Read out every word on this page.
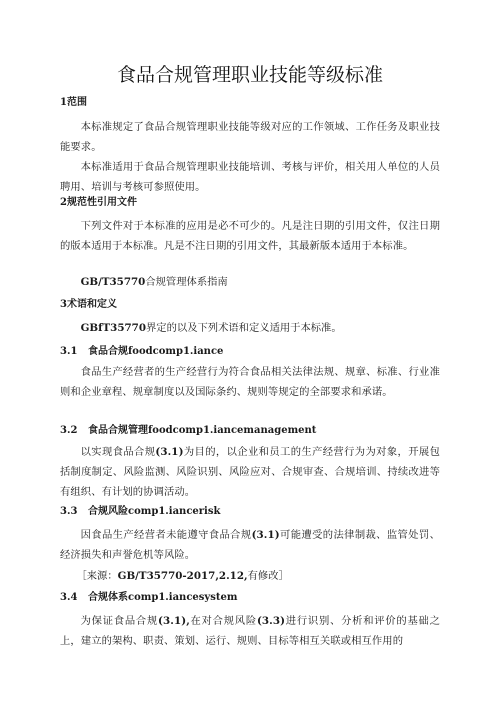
食品合规管理职业技能等级标准
1范围

本标准规定了食品合规管理职业技能等级对应的工作领域、工作任务及职业技能要求。

本标准适用于食品合规管理职业技能培训、考核与评价，相关用人单位的人员聘用、培训与考核可参照使用。

2规范性引用文件

下列文件对于本标准的应用是必不可少的。凡是注日期的引用文件，仅注日期的版本适用于本标准。凡是不注日期的引用文件，其最新版本适用于本标准。

GB/T35770合规管理体系指南
3术语和定义
GBfT35770界定的以及下列术语和定义适用于本标准。
3.1 食品合规foodcomp1.iance

食品生产经营者的生产经营行为符合食品相关法律法规、规章、标准、行业准则和企业章程、规章制度以及国际条约、规则等规定的全部要求和承诺。

3.2 食品合规管理foodcomp1.iancemanagement

以实现食品合规(3.1)为目的，以企业和员工的生产经营行为为对象，开展包括制度制定、风险监测、风险识别、风险应对、合规审查、合规培训、持续改进等有组织、有计划的协调活动。

3.3 合规风险comp1.iancerisk

因食品生产经营者未能遵守食品合规(3.1)可能遭受的法律制裁、监管处罚、经济损失和声誉危机等风险。

［来源：GB/T35770-2017,2.12,有修改］
3.4 合规体系comp1.iancesystem

为保证食品合规(3.1),在对合规风险(3.3)进行识别、分析和评价的基础之上，建立的架构、职责、策划、运行、规则、目标等相互关联或相互作用的
